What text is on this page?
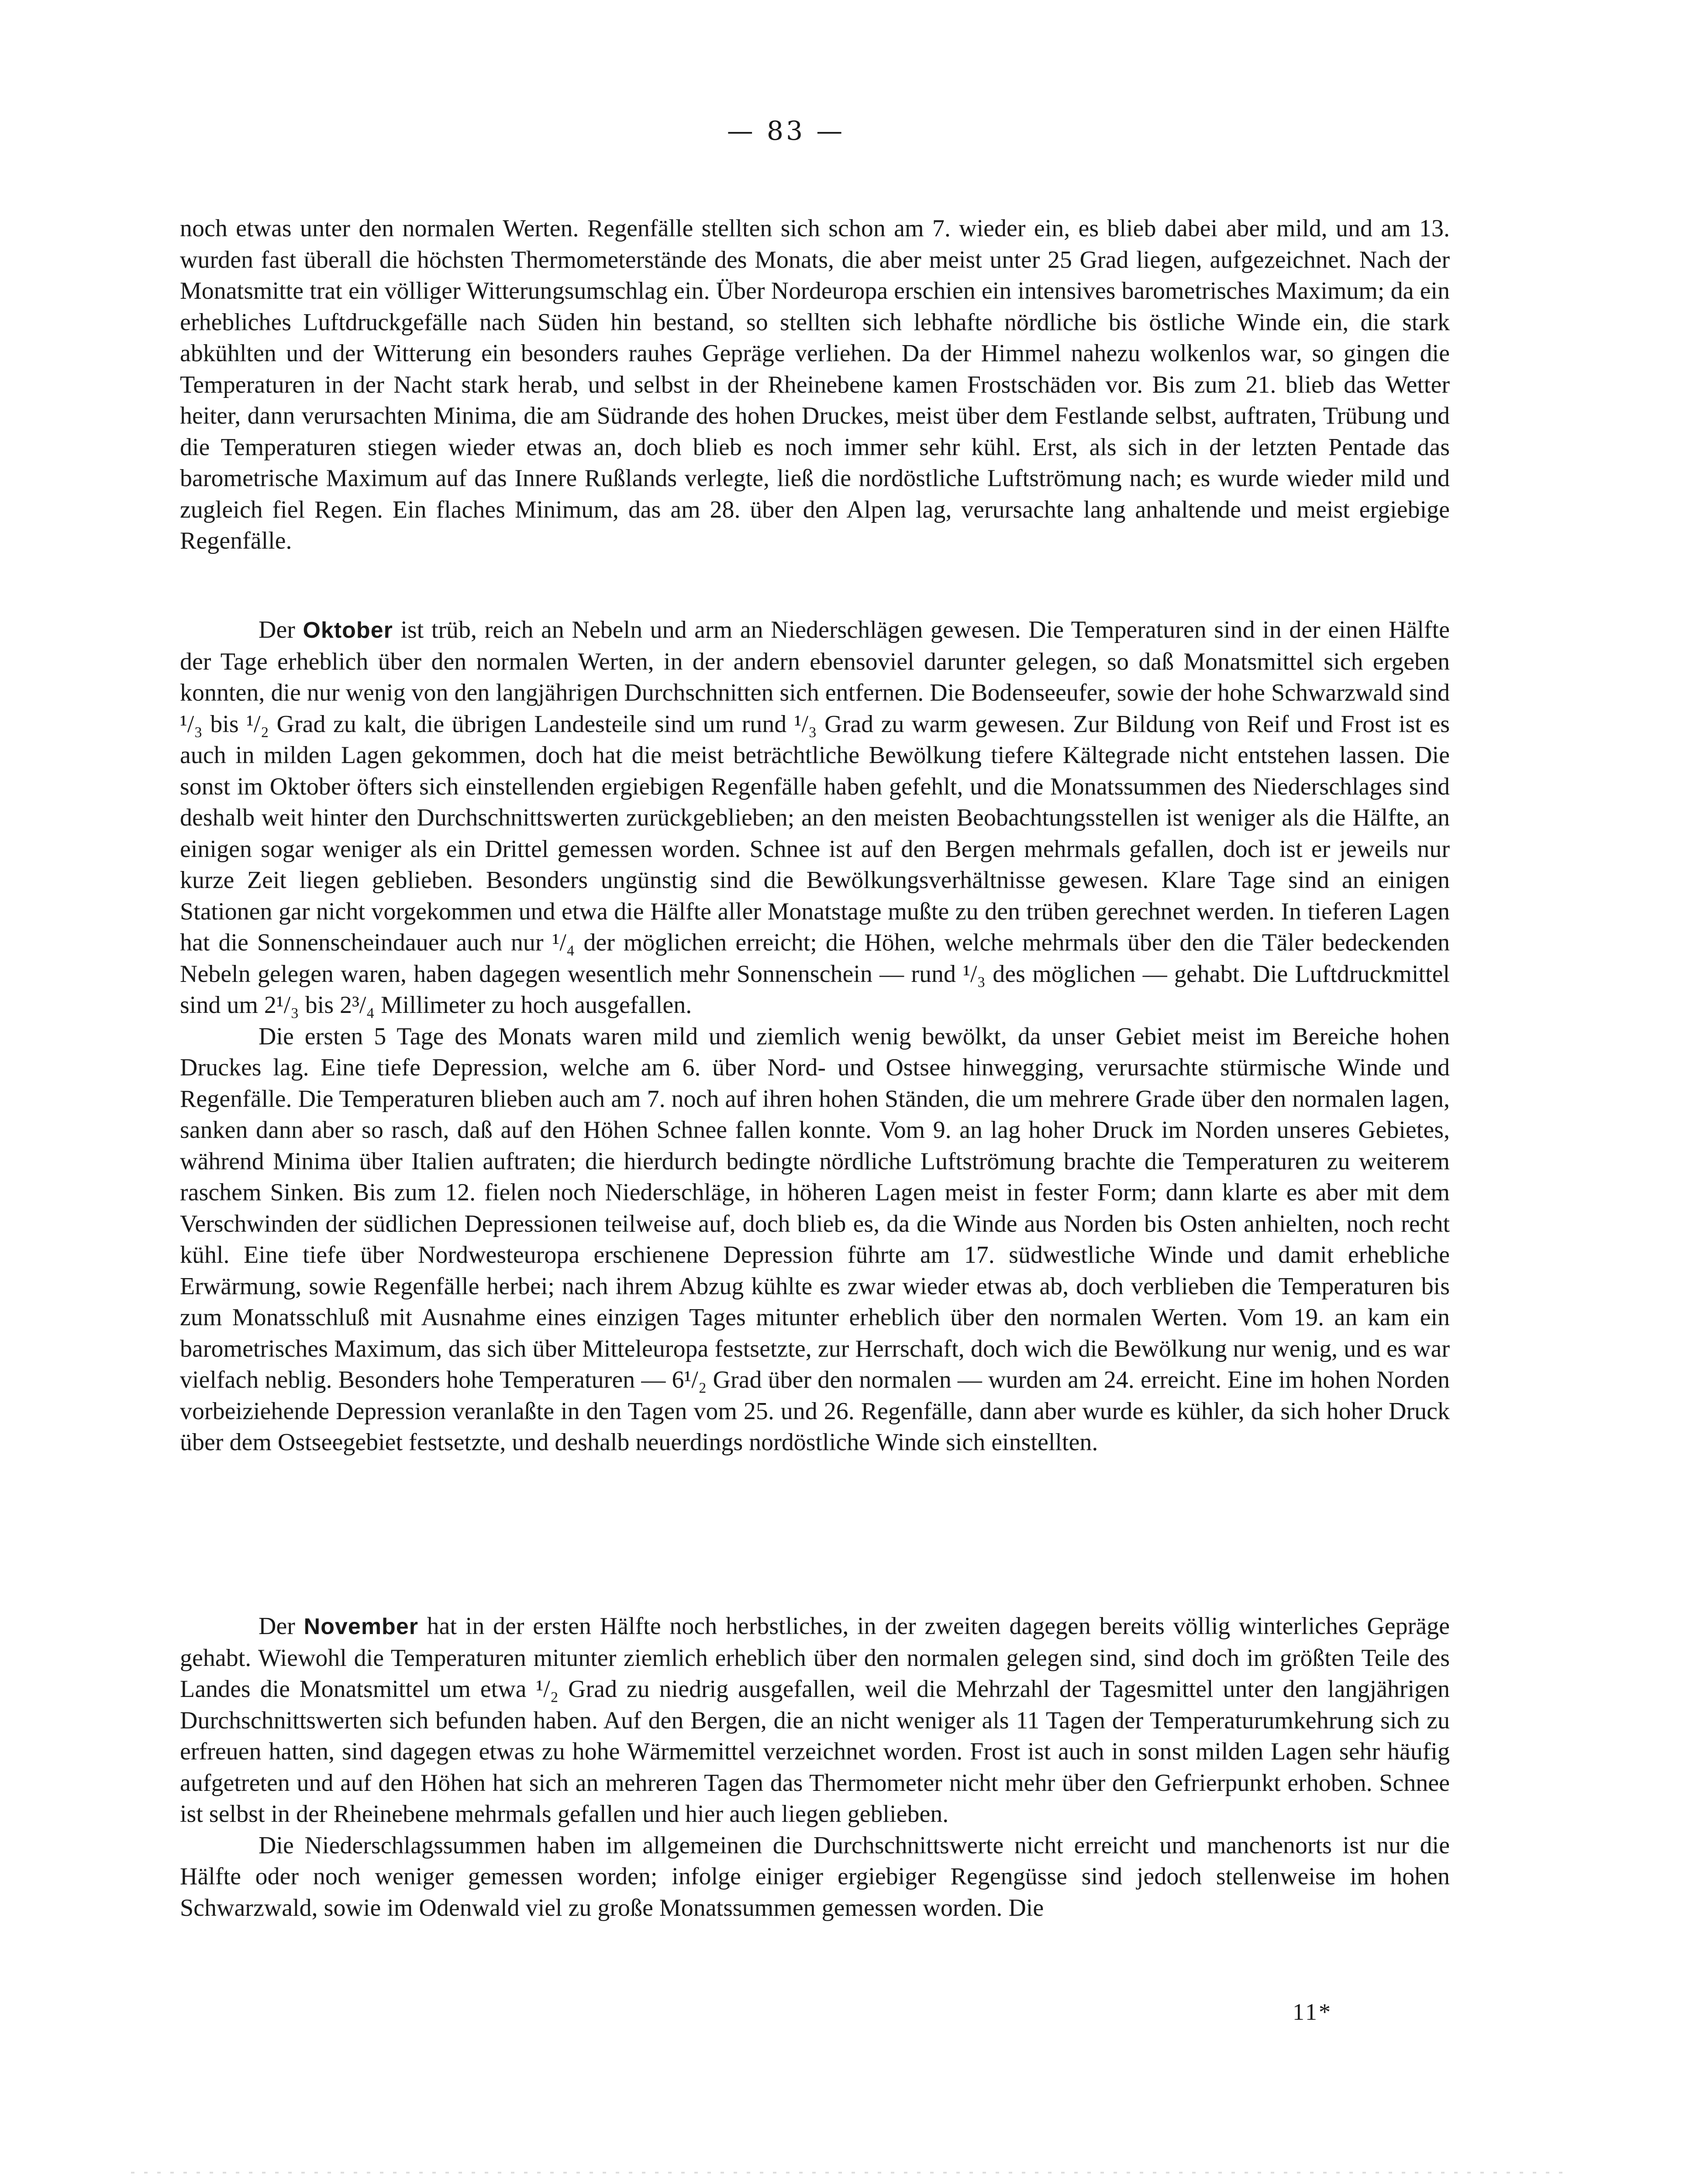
— 83 —

noch etwas unter den normalen Werten. Regenfälle stellten sich schon am 7. wieder ein, es blieb dabei aber mild, und am 13. wurden fast überall die höchsten Thermometerstände des Monats, die aber meist unter 25 Grad liegen, aufgezeichnet. Nach der Monatsmitte trat ein völliger Witterungsumschlag ein. Über Nordeuropa erschien ein intensives barometrisches Maximum; da ein erhebliches Luftdruckgefälle nach Süden hin bestand, so stellten sich lebhafte nördliche bis östliche Winde ein, die stark abkühlten und der Witterung ein besonders rauhes Gepräge verliehen. Da der Himmel nahezu wolkenlos war, so gingen die Temperaturen in der Nacht stark herab, und selbst in der Rheinebene kamen Frostschäden vor. Bis zum 21. blieb das Wetter heiter, dann verursachten Minima, die am Südrande des hohen Druckes, meist über dem Festlande selbst, auftraten, Trübung und die Temperaturen stiegen wieder etwas an, doch blieb es noch immer sehr kühl. Erst, als sich in der letzten Pentade das barometrische Maximum auf das Innere Rußlands verlegte, ließ die nordöstliche Luftströmung nach; es wurde wieder mild und zugleich fiel Regen. Ein flaches Minimum, das am 28. über den Alpen lag, verursachte lang anhaltende und meist ergiebige Regenfälle.

Der Oktober ist trüb, reich an Nebeln und arm an Niederschlägen gewesen. Die Temperaturen sind in der einen Hälfte der Tage erheblich über den normalen Werten, in der andern ebensoviel darunter gelegen, so daß Monatsmittel sich ergeben konnten, die nur wenig von den langjährigen Durchschnitten sich entfernen. Die Bodenseeufer, sowie der hohe Schwarzwald sind ¹/₃ bis ¹/₂ Grad zu kalt, die übrigen Landesteile sind um rund ¹/₃ Grad zu warm gewesen. Zur Bildung von Reif und Frost ist es auch in milden Lagen gekommen, doch hat die meist beträchtliche Bewölkung tiefere Kältegrade nicht entstehen lassen. Die sonst im Oktober öfters sich einstellenden ergiebigen Regenfälle haben gefehlt, und die Monatssummen des Niederschlages sind deshalb weit hinter den Durchschnittswerten zurückgeblieben; an den meisten Beobachtungsstellen ist weniger als die Hälfte, an einigen sogar weniger als ein Drittel gemessen worden. Schnee ist auf den Bergen mehrmals gefallen, doch ist er jeweils nur kurze Zeit liegen geblieben. Besonders ungünstig sind die Bewölkungsverhältnisse gewesen. Klare Tage sind an einigen Stationen gar nicht vorgekommen und etwa die Hälfte aller Monatstage mußte zu den trüben gerechnet werden. In tieferen Lagen hat die Sonnenscheindauer auch nur ¹/₄ der möglichen erreicht; die Höhen, welche mehrmals über den die Täler bedeckenden Nebeln gelegen waren, haben dagegen wesentlich mehr Sonnenschein — rund ¹/₃ des möglichen — gehabt. Die Luftdruckmittel sind um 2¹/₃ bis 2³/₄ Millimeter zu hoch ausgefallen.

Die ersten 5 Tage des Monats waren mild und ziemlich wenig bewölkt, da unser Gebiet meist im Bereiche hohen Druckes lag. Eine tiefe Depression, welche am 6. über Nord- und Ostsee hinwegging, verursachte stürmische Winde und Regenfälle. Die Temperaturen blieben auch am 7. noch auf ihren hohen Ständen, die um mehrere Grade über den normalen lagen, sanken dann aber so rasch, daß auf den Höhen Schnee fallen konnte. Vom 9. an lag hoher Druck im Norden unseres Gebietes, während Minima über Italien auftraten; die hierdurch bedingte nördliche Luftströmung brachte die Temperaturen zu weiterem raschem Sinken. Bis zum 12. fielen noch Niederschläge, in höheren Lagen meist in fester Form; dann klarte es aber mit dem Verschwinden der südlichen Depressionen teilweise auf, doch blieb es, da die Winde aus Norden bis Osten anhielten, noch recht kühl. Eine tiefe über Nordwesteuropa erschienene Depression führte am 17. südwestliche Winde und damit erhebliche Erwärmung, sowie Regenfälle herbei; nach ihrem Abzug kühlte es zwar wieder etwas ab, doch verblieben die Temperaturen bis zum Monatsschluß mit Ausnahme eines einzigen Tages mitunter erheblich über den normalen Werten. Vom 19. an kam ein barometrisches Maximum, das sich über Mitteleuropa festsetzte, zur Herrschaft, doch wich die Bewölkung nur wenig, und es war vielfach neblig. Besonders hohe Temperaturen — 6¹/₂ Grad über den normalen — wurden am 24. erreicht. Eine im hohen Norden vorbeiziehende Depression veranlaßte in den Tagen vom 25. und 26. Regenfälle, dann aber wurde es kühler, da sich hoher Druck über dem Ostseegebiet festsetzte, und deshalb neuerdings nordöstliche Winde sich einstellten.

Der November hat in der ersten Hälfte noch herbstliches, in der zweiten dagegen bereits völlig winterliches Gepräge gehabt. Wiewohl die Temperaturen mitunter ziemlich erheblich über den normalen gelegen sind, sind doch im größten Teile des Landes die Monatsmittel um etwa ¹/₂ Grad zu niedrig ausgefallen, weil die Mehrzahl der Tagesmittel unter den langjährigen Durchschnittswerten sich befunden haben. Auf den Bergen, die an nicht weniger als 11 Tagen der Temperaturumkehrung sich zu erfreuen hatten, sind dagegen etwas zu hohe Wärmemittel verzeichnet worden. Frost ist auch in sonst milden Lagen sehr häufig aufgetreten und auf den Höhen hat sich an mehreren Tagen das Thermometer nicht mehr über den Gefrierpunkt erhoben. Schnee ist selbst in der Rheinebene mehrmals gefallen und hier auch liegen geblieben.

Die Niederschlagssummen haben im allgemeinen die Durchschnittswerte nicht erreicht und manchenorts ist nur die Hälfte oder noch weniger gemessen worden; infolge einiger ergiebiger Regengüsse sind jedoch stellenweise im hohen Schwarzwald, sowie im Odenwald viel zu große Monatssummen gemessen worden. Die

11*
